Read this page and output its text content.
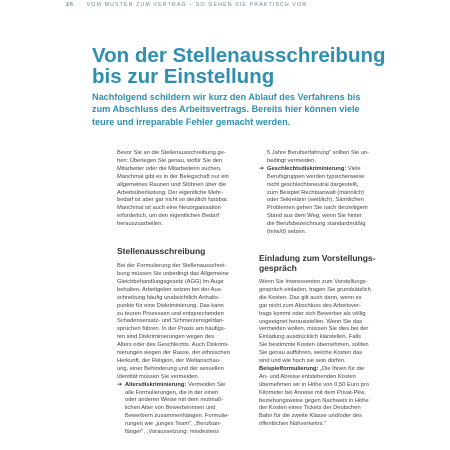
26 VOM MUSTER ZUM VERTRAG – SO GEHEN SIE PRAKTISCH VOR
Von der Stellenausschreibung
bis zur Einstellung

Nachfolgend schildern wir kurz den Ablauf des Verfahrens bis
zum Abschluss des Arbeitsvertrags. Bereits hier können viele
teure und irreparable Fehler gemacht werden.

Bevor Sie an die Stellenausschreibung ge-
hen: Überlegen Sie genau, wofür Sie den
Mitarbeiter oder die Mitarbeiterin suchen.
Manchmal gibt es in der Belegschaft nur ein
allgemeines Raunen und Stöhnen über die
Arbeitsüberlastung. Der eigentliche Mehr-
bedarf ist aber gar nicht so deutlich fassbar.
Manchmal ist auch eine Neuorganisation
erforderlich, um den eigentlichen Bedarf
herauszuarbeiten.

Stellenausschreibung

Bei der Formulierung der Stellenausschrei-
bung müssen Sie unbedingt das Allgemeine
Gleichbehandlungsgesetz (AGG) im Auge
behalten. Arbeitgeber setzen bei der Aus-
schreibung häufig unabsichtlich Anhalts-
punkte für eine Diskriminierung. Das kann
zu teuren Prozessen und entsprechenden
Schadensersatz- und Schmerzensgeldan-
sprüchen führen. In der Praxis am häufigs-
ten sind Diskriminierungen wegen des
Alters oder des Geschlechts. Auch Diskrimi-
nierungen wegen der Rasse, der ethnischen
Herkunft, der Religion, der Weltanschau-
ung, einer Behinderung und der sexuellen
Identität müssen Sie vermeiden.

➔ Altersdiskriminierung: Vermeiden Sie
alle Formulierungen, die in der einen
oder anderen Weise mit dem mutmaß-
lichen Alter von Bewerberinnen und
Bewerbern zusammenhängen. Formulie-
rungen wie „junges Team", „Berufsan-
fänger", „Voraussetzung: mindestens

5 Jahre Berufserfahrung" sollten Sie un-
bedingt vermeiden.

➔ Geschlechtsdiskriminierung: Viele
Berufsgruppen werden typischerweise
nicht geschlechtsneutral dargestellt,
zum Beispiel Rechtsanwalt (männlich)
oder Sekretärin (weiblich). Sämtlichen
Problemen gehen Sie nach derzeitigem
Stand aus dem Weg, wenn Sie hinter
die Berufsbezeichnung standardmäßig
(m/w/d) setzen.
Einladung zum Vorstellungs-
gespräch

Wenn Sie Interessenten zum Vorstellungs-
gespräch einladen, tragen Sie grundsätzlich
die Kosten. Das gilt auch dann, wenn es
gar nicht zum Abschluss des Arbeitsver-
trags kommt oder sich Bewerber als völlig
ungeeignet herausstellen. Wenn Sie das
vermeiden wollen, müssen Sie dies bei der
Einladung ausdrücklich klarstellen. Falls
Sie bestimmte Kosten übernehmen, sollten
Sie genau aufführen, welche Kosten das
sind und wie hoch sie sein dürfen.
Beispielformulierung: „Die Ihnen für die
An- und Abreise entstehenden Kosten
übernehmen wir in Höhe von 0,50 Euro pro
Kilometer bei Anreise mit dem Privat-Pkw,
beziehungsweise gegen Nachweis in Höhe
der Kosten eines Tickets der Deutschen
Bahn für die zweite Klasse und/oder des
öffentlichen Nahverkehrs."
